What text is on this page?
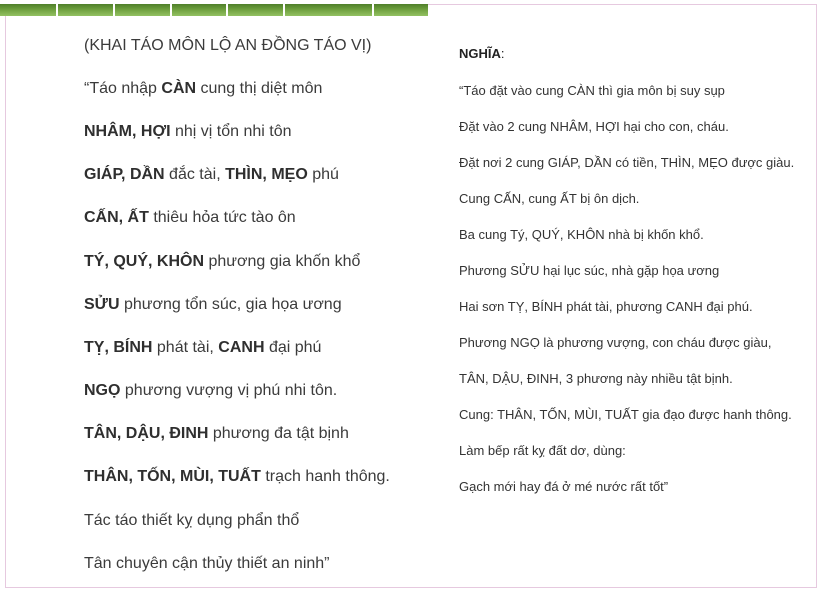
(KHAI TÁO MÔN LỘ AN ĐỒNG TÁO VỊ)
“Táo nhập CÀN cung thị diệt môn
NHÂM, HỢI nhị vị tổn nhi tôn
GIÁP, DẦN đắc tài, THÌN, MẸO phú
CẤN, ẤT thiêu hỏa tức tào ôn
TÝ, QUÝ, KHÔN phương gia khốn khổ
SỬU phương tổn súc, gia họa ương
TỴ, BÍNH phát tài, CANH đại phú
NGỌ phương vượng vị phú nhi tôn.
TÂN, DẬU, ĐINH phương đa tật bịnh
THÂN, TỐN, MÙI, TUẤT trạch hanh thông.
Tác táo thiết kỵ dụng phẩn thổ
Tân chuyên cận thủy thiết an ninh”
NGHĨA:
“Táo đặt vào cung CÀN thì gia môn bị suy sụp
Đặt vào 2 cung NHÂM, HỢI hại cho con, cháu.
Đặt nơi 2 cung GIÁP, DẦN có tiền, THÌN, MẸO được giàu.
Cung CẤN, cung ẤT bị ôn dịch.
Ba cung Tý, QUÝ, KHÔN nhà bị khốn khổ.
Phương SỬU hại lục súc, nhà gặp họa ương
Hai sơn TỴ, BÍNH phát tài, phương CANH đại phú.
Phương NGỌ là phương vượng, con cháu được giàu,
TÂN, DẬU, ĐINH, 3 phương này nhiều tật bịnh.
Cung: THÂN, TỐN, MÙI, TUẤT gia đạo được hanh thông.
Làm bếp rất kỵ đất dơ, dùng:
Gạch mới hay đá ở mé nước rất tốt”
